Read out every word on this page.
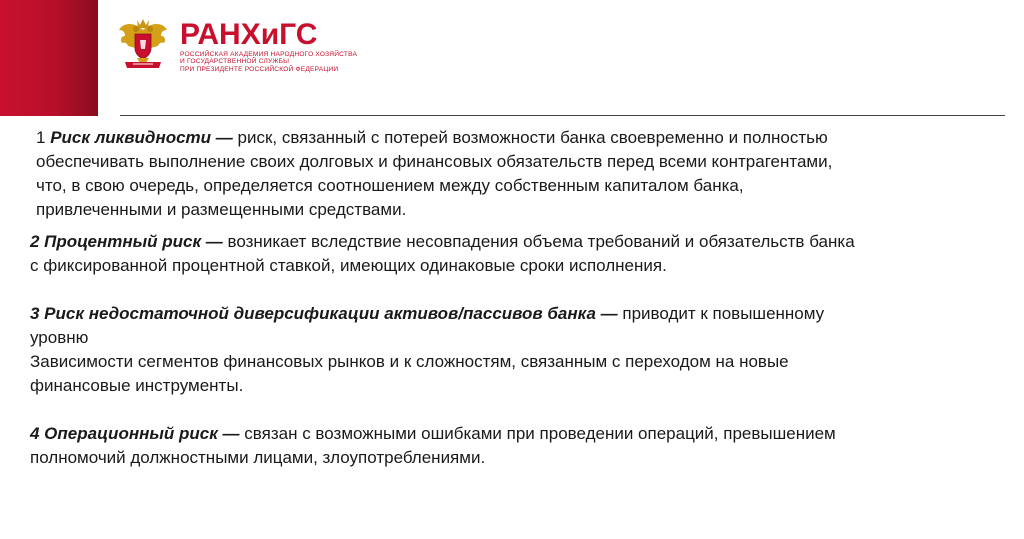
РАНХиГС
РОССИЙСКАЯ АКАДЕМИЯ НАРОДНОГО ХОЗЯЙСТВА
И ГОСУДАРСТВЕННОЙ СЛУЖБЫ
ПРИ ПРЕЗИДЕНТЕ РОССИЙСКОЙ ФЕДЕРАЦИИ

1 Риск ликвидности — риск, связанный с потерей возможности банка своевременно и полностью
обеспечивать выполнение своих долговых и финансовых обязательств перед всеми контрагентами,
что, в свою очередь, определяется соотношением между собственным капиталом банка,
привлеченными и размещенными средствами.

2 Процентный риск — возникает вследствие несовпадения объема требований и обязательств банка
с фиксированной процентной ставкой, имеющих одинаковые сроки исполнения.

3 Риск недостаточной диверсификации активов/пассивов банка — приводит к повышенному
уровню
Зависимости сегментов финансовых рынков и к сложностям, связанным с переходом на новые
финансовые инструменты.

4 Операционный риск — связан с возможными ошибками при проведении операций, превышением
полномочий должностными лицами, злоупотреблениями.
